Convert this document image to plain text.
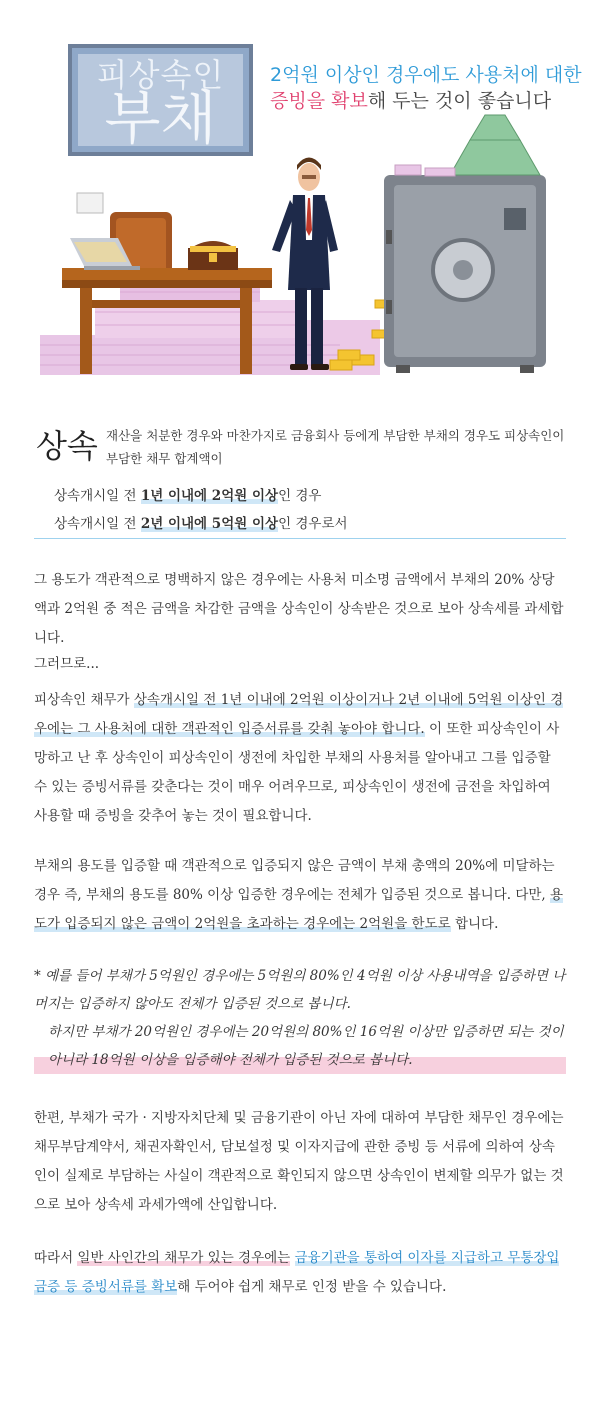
피상속인
부채
2억원 이상인 경우에도 사용처에 대한
증빙을 확보해 두는 것이 좋습니다
상속 재산을 처분한 경우와 마찬가지로 금융회사 등에게 부담한 부채의 경우도 피상속인이 부담한 채무 합계액이
상속개시일 전 1년 이내에 2억원 이상인 경우
상속개시일 전 2년 이내에 5억원 이상인 경우로서
그 용도가 객관적으로 명백하지 않은 경우에는 사용처 미소명 금액에서 부채의 20% 상당액과 2억원 중 적은 금액을 차감한 금액을 상속인이 상속받은 것으로 보아 상속세를 과세합니다.
그러므로...
피상속인 채무가 상속개시일 전 1년 이내에 2억원 이상이거나 2년 이내에 5억원 이상인 경우에는 그 사용처에 대한 객관적인 입증서류를 갖춰 놓아야 합니다. 이 또한 피상속인이 사망하고 난 후 상속인이 피상속인이 생전에 차입한 부채의 사용처를 알아내고 그를 입증할 수 있는 증빙서류를 갖춘다는 것이 매우 어려우므로, 피상속인이 생전에 금전을 차입하여 사용할 때 증빙을 갖추어 놓는 것이 필요합니다.
부채의 용도를 입증할 때 객관적으로 입증되지 않은 금액이 부채 총액의 20%에 미달하는 경우 즉, 부채의 용도를 80% 이상 입증한 경우에는 전체가 입증된 것으로 봅니다. 다만, 용도가 입증되지 않은 금액이 2억원을 초과하는 경우에는 2억원을 한도로 합니다.
* 예를 들어 부채가 5억원인 경우에는 5억원의 80%인 4억원 이상 사용내역을 입증하면 나머지는 입증하지 않아도 전체가 입증된 것으로 봅니다.
하지만 부채가 20억원인 경우에는 20억원의 80%인 16억원 이상만 입증하면 되는 것이 아니라 18억원 이상을 입증해야 전체가 입증된 것으로 봅니다.
한편, 부채가 국가 · 지방자치단체 및 금융기관이 아닌 자에 대하여 부담한 채무인 경우에는 채무부담계약서, 채권자확인서, 담보설정 및 이자지급에 관한 증빙 등 서류에 의하여 상속인이 실제로 부담하는 사실이 객관적으로 확인되지 않으면 상속인이 변제할 의무가 없는 것으로 보아 상속세 과세가액에 산입합니다.
따라서 일반 사인간의 채무가 있는 경우에는 금융기관을 통하여 이자를 지급하고 무통장입금증 등 증빙서류를 확보해 두어야 쉽게 채무로 인정 받을 수 있습니다.
